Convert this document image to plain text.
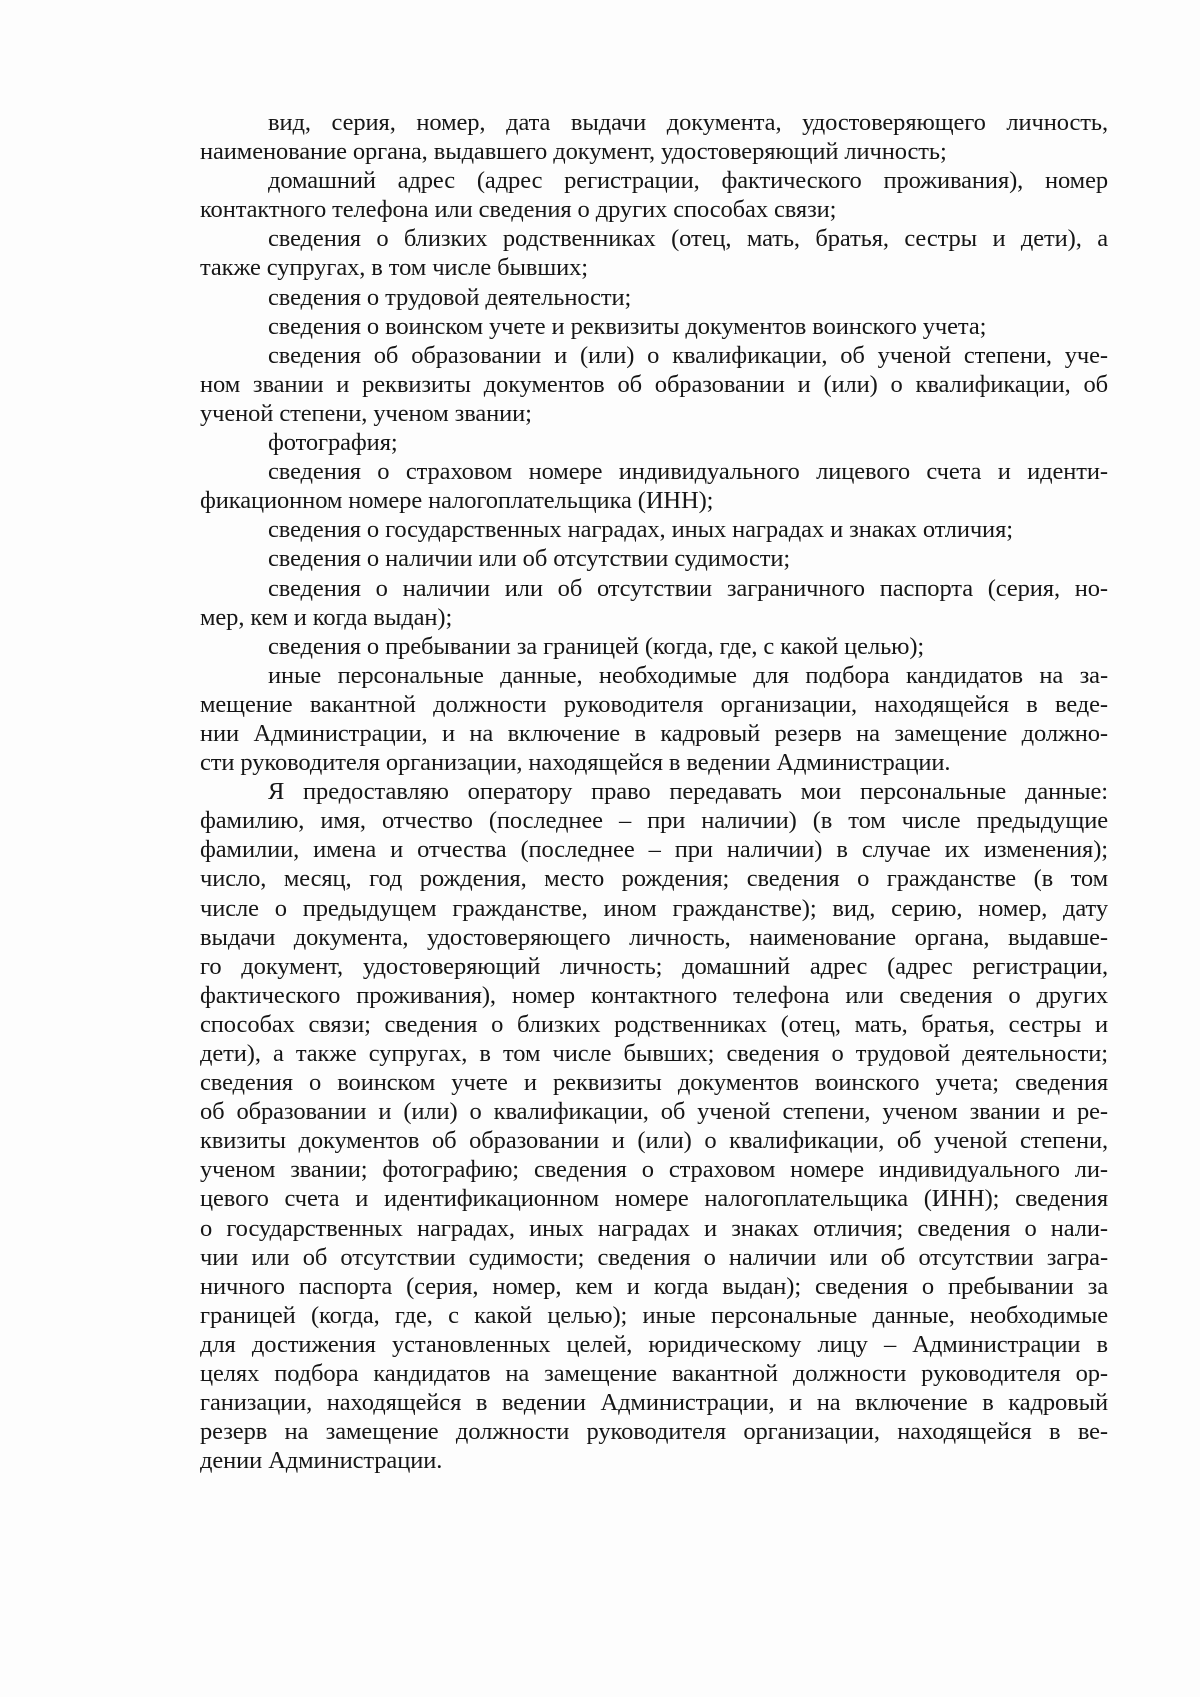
вид, серия, номер, дата выдачи документа, удостоверяющего личность,
наименование органа, выдавшего документ, удостоверяющий личность;
домашний адрес (адрес регистрации, фактического проживания), номер
контактного телефона или сведения о других способах связи;
сведения о близких родственниках (отец, мать, братья, сестры и дети), а
также супругах, в том числе бывших;
сведения о трудовой деятельности;
сведения о воинском учете и реквизиты документов воинского учета;
сведения об образовании и (или) о квалификации, об ученой степени, уче-
ном звании и реквизиты документов об образовании и (или) о квалификации, об
ученой степени, ученом звании;
фотография;
сведения о страховом номере индивидуального лицевого счета и иденти-
фикационном номере налогоплательщика (ИНН);
сведения о государственных наградах, иных наградах и знаках отличия;
сведения о наличии или об отсутствии судимости;
сведения о наличии или об отсутствии заграничного паспорта (серия, но-
мер, кем и когда выдан);
сведения о пребывании за границей (когда, где, с какой целью);
иные персональные данные, необходимые для подбора кандидатов на за-
мещение вакантной должности руководителя организации, находящейся в веде-
нии Администрации, и на включение в кадровый резерв на замещение должно-
сти руководителя организации, находящейся в ведении Администрации.
Я предоставляю оператору право передавать мои персональные данные:
фамилию, имя, отчество (последнее – при наличии) (в том числе предыдущие
фамилии, имена и отчества (последнее – при наличии) в случае их изменения);
число, месяц, год рождения, место рождения; сведения о гражданстве (в том
числе о предыдущем гражданстве, ином гражданстве); вид, серию, номер, дату
выдачи документа, удостоверяющего личность, наименование органа, выдавше-
го документ, удостоверяющий личность; домашний адрес (адрес регистрации,
фактического проживания), номер контактного телефона или сведения о других
способах связи; сведения о близких родственниках (отец, мать, братья, сестры и
дети), а также супругах, в том числе бывших; сведения о трудовой деятельности;
сведения о воинском учете и реквизиты документов воинского учета; сведения
об образовании и (или) о квалификации, об ученой степени, ученом звании и ре-
квизиты документов об образовании и (или) о квалификации, об ученой степени,
ученом звании; фотографию; сведения о страховом номере индивидуального ли-
цевого счета и идентификационном номере налогоплательщика (ИНН); сведения
о государственных наградах, иных наградах и знаках отличия; сведения о нали-
чии или об отсутствии судимости; сведения о наличии или об отсутствии загра-
ничного паспорта (серия, номер, кем и когда выдан); сведения о пребывании за
границей (когда, где, с какой целью); иные персональные данные, необходимые
для достижения установленных целей, юридическому лицу – Администрации в
целях подбора кандидатов на замещение вакантной должности руководителя ор-
ганизации, находящейся в ведении Администрации, и на включение в кадровый
резерв на замещение должности руководителя организации, находящейся в ве-
дении Администрации.
